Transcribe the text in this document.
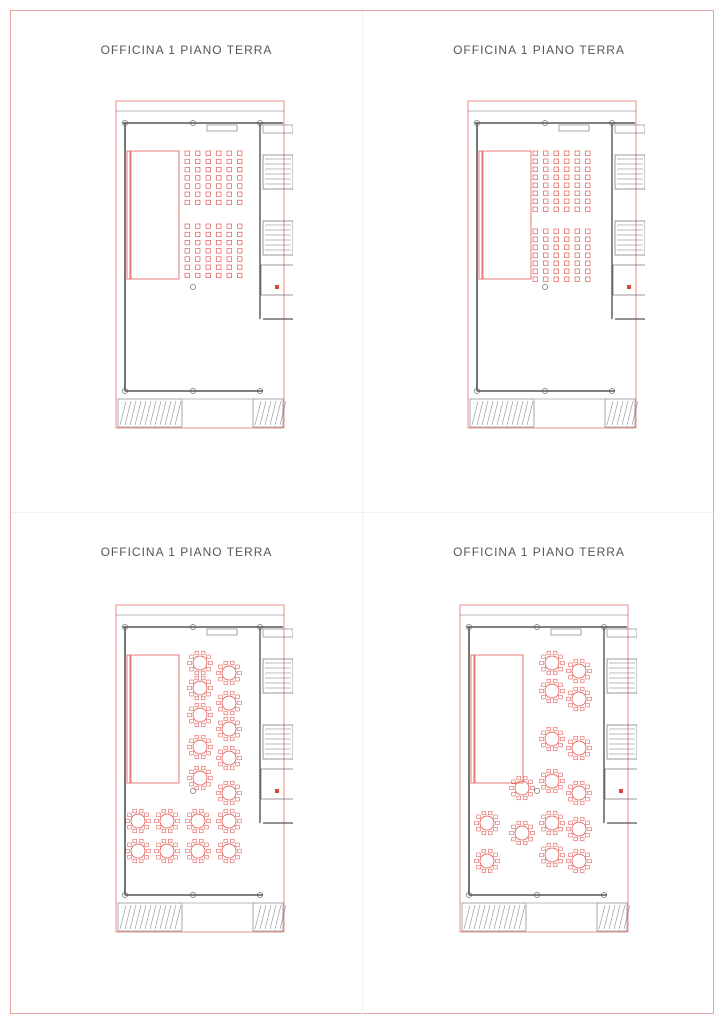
OFFICINA 1 PIANO TERRA	OFFICINA 1 PIANO TERRA
OFFICINA 1 PIANO TERRA	OFFICINA 1 PIANO TERRA
